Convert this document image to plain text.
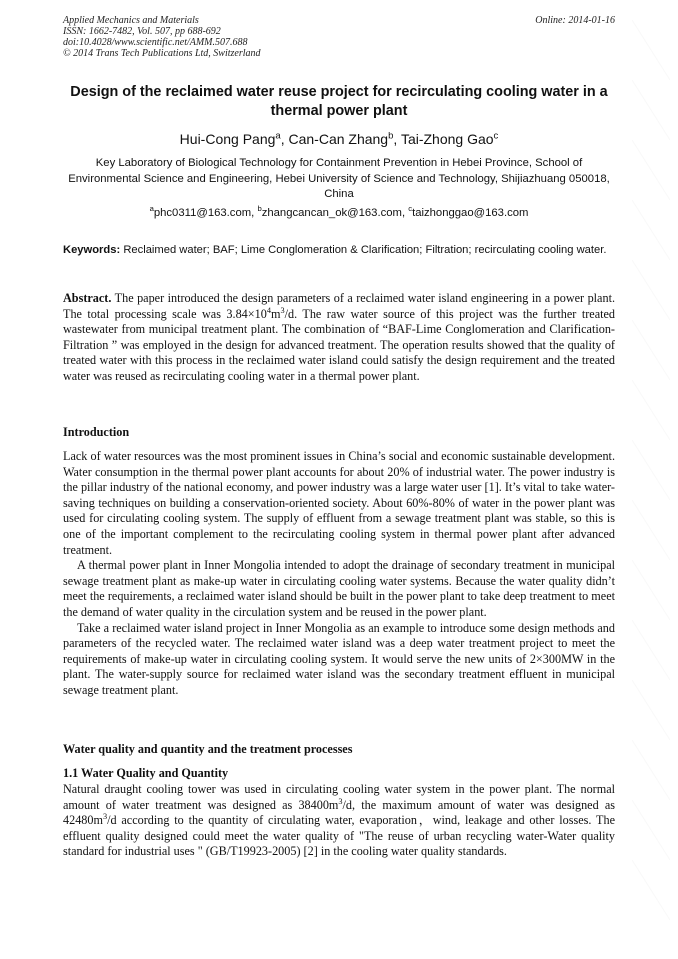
Applied Mechanics and Materials	Online: 2014-01-16
ISSN: 1662-7482, Vol. 507, pp 688-692
doi:10.4028/www.scientific.net/AMM.507.688
© 2014 Trans Tech Publications Ltd, Switzerland
Design of the reclaimed water reuse project for recirculating cooling water in a thermal power plant
Hui-Cong Pang$^a$, Can-Can Zhang$^b$, Tai-Zhong Gao$^c$
Key Laboratory of Biological Technology for Containment Prevention in Hebei Province, School of Environmental Science and Engineering, Hebei University of Science and Technology, Shijiazhuang 050018, China
$^a$phc0311@163.com, $^b$zhangcancan_ok@163.com, $^c$taizhonggao@163.com
Keywords: Reclaimed water; BAF; Lime Conglomeration & Clarification; Filtration; recirculating cooling water.

Abstract. The paper introduced the design parameters of a reclaimed water island engineering in a power plant. The total processing scale was $3.84\times 10^4m^3/d$. The raw water source of this project was the further treated wastewater from municipal treatment plant. The combination of “BAF-Lime Conglomeration and Clarification-Filtration ” was employed in the design for advanced treatment. The operation results showed that the quality of treated water with this process in the reclaimed water island could satisfy the design requirement and the treated water was reused as recirculating cooling water in a thermal power plant.

Introduction

Lack of water resources was the most prominent issues in China’s social and economic sustainable development. Water consumption in the thermal power plant accounts for about 20% of industrial water. The power industry is the pillar industry of the national economy, and power industry was a large water user [1]. It’s vital to take water-saving techniques on building a conservation-oriented society. About 60%-80% of water in the power plant was used for circulating cooling system. The supply of effluent from a sewage treatment plant was stable, so this is one of the important complement to the recirculating cooling system in thermal power plant after advanced treatment.

A thermal power plant in Inner Mongolia intended to adopt the drainage of secondary treatment in municipal sewage treatment plant as make-up water in circulating cooling water systems. Because the water quality didn’t meet the requirements, a reclaimed water island should be built in the power plant to take deep treatment to meet the demand of water quality in the circulation system and be reused in the power plant.

Take a reclaimed water island project in Inner Mongolia as an example to introduce some design methods and parameters of the recycled water. The reclaimed water island was a deep water treatment project to meet the requirements of make-up water in circulating cooling system. It would serve the new units of 2×300MW in the plant. The water-supply source for reclaimed water island was the secondary treatment effluent in municipal sewage treatment plant.

Water quality and quantity and the treatment processes
1.1 Water Quality and Quantity

Natural draught cooling tower was used in circulating cooling water system in the power plant. The normal amount of water treatment was designed as $38400m^3/d$, the maximum amount of water was designed as $42480m^3/d$ according to the quantity of circulating water, evaporation，wind, leakage and other losses. The effluent quality designed could meet the water quality of "The reuse of urban recycling water-Water quality standard for industrial uses " (GB/T19923-2005) [2] in the cooling water quality standards.
